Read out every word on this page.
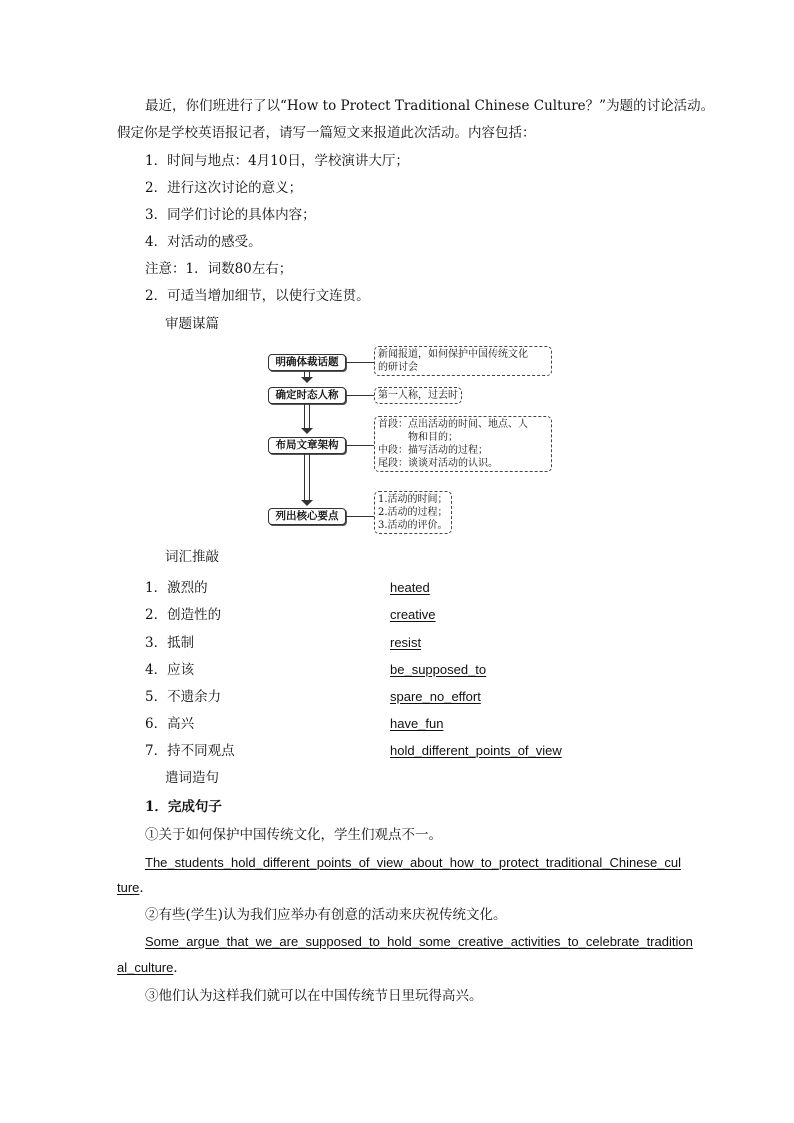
最近，你们班进行了以“How to Protect Traditional Chinese Culture？”为题的讨论活动。
假定你是学校英语报记者，请写一篇短文来报道此次活动。内容包括：
1．时间与地点：4月10日，学校演讲大厅；
2．进行这次讨论的意义；
3．同学们讨论的具体内容；
4．对活动的感受。
注意：1．词数80左右；
2．可适当增加细节，以使行文连贯。
审题谋篇
明确体裁话题
确定时态人称
布局文章架构
列出核心要点
新闻报道，如何保护中国传统文化
的研讨会
第一人称，过去时
首段：点出活动的时间、地点、人
物和目的；
中段：描写活动的过程；
尾段：谈谈对活动的认识。
1.活动的时间；
2.活动的过程；
3.活动的评价。
词汇推敲
1．激烈的	heated
2．创造性的	creative
3．抵制	resist
4．应该	be_supposed_to
5．不遗余力	spare_no_effort
6．高兴	have_fun
7．持不同观点	hold_different_points_of_view
遣词造句
1．完成句子
①关于如何保护中国传统文化，学生们观点不一。
The_students_hold_different_points_of_view_about_how_to_protect_traditional_Chinese_cul
ture．
②有些(学生)认为我们应举办有创意的活动来庆祝传统文化。
Some_argue_that_we_are_supposed_to_hold_some_creative_activities_to_celebrate_tradition
al_culture．
③他们认为这样我们就可以在中国传统节日里玩得高兴。
